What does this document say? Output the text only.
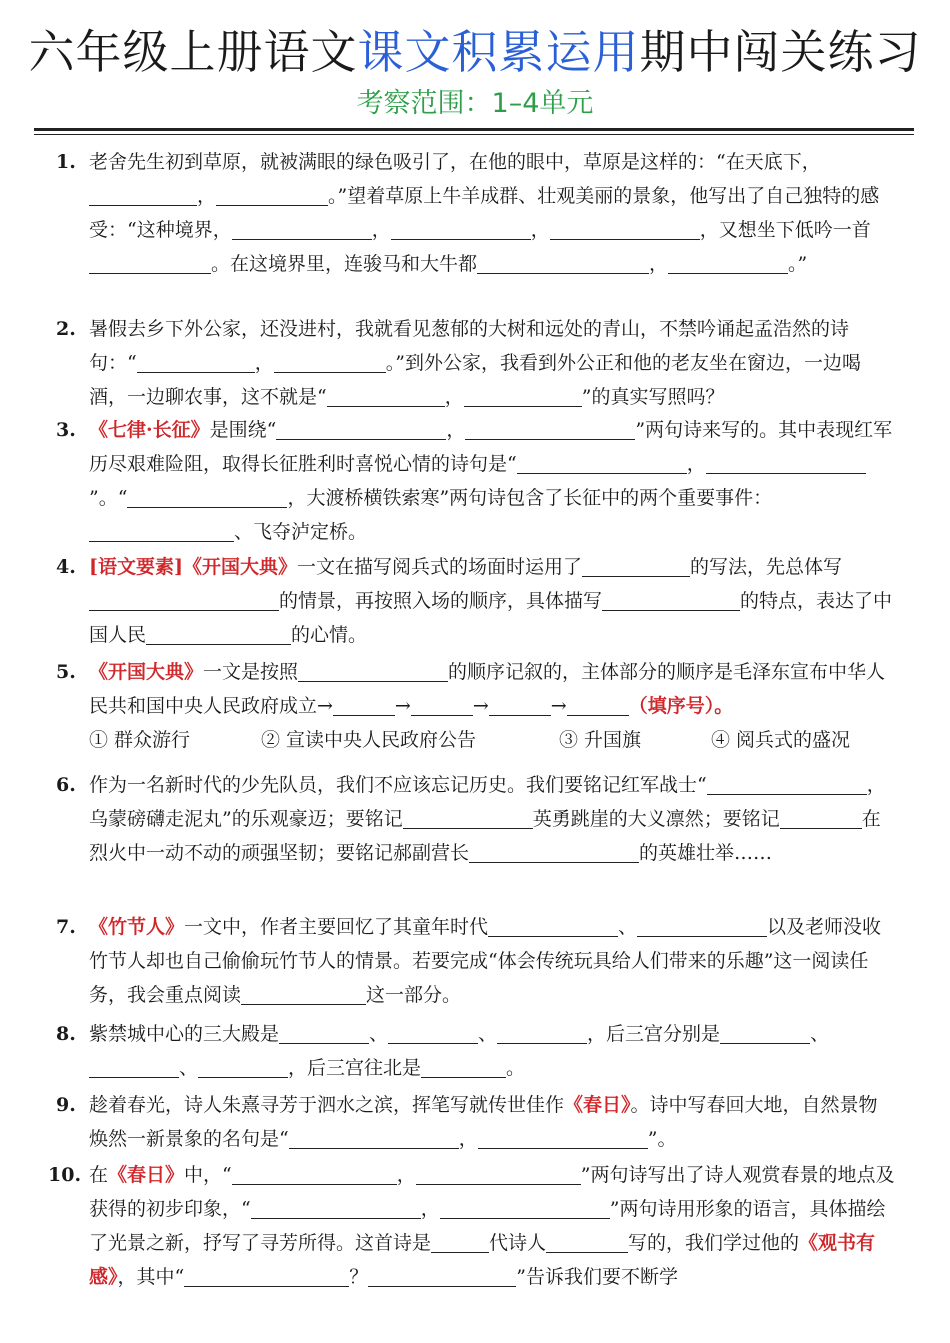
六年级上册语文课文积累运用期中闯关练习
考察范围：1–4单元
1. 老舍先生初到草原，就被满眼的绿色吸引了，在他的眼中，草原是这样的：“在天底下，，	。”望着草原上牛羊成群、壮观美丽的景象，他写出了自己独特的感受：“这种境界，	，	，	，又想坐下低吟一首。在这境界里，连骏马和大牛都	，	。”
2. 暑假去乡下外公家，还没进村，我就看见葱郁的大树和远处的青山，不禁吟诵起孟浩然的诗句：“	，	。”到外公家，我看到外公正和他的老友坐在窗边，一边喝酒，一边聊农事，这不就是“	，	”的真实写照吗？
3. 《七律·长征》是围绕“	，	”两句诗来写的。其中表现红军历尽艰难险阻，取得长征胜利时喜悦心情的诗句是“	，”。“	，大渡桥横铁索寒”两句诗包含了长征中的两个重要事件：、飞夺泸定桥。
4. [语文要素]《开国大典》一文在描写阅兵式的场面时运用了	的写法，先总体写的情景，再按照入场的顺序，具体描写	的特点，表达了中国人民	的心情。
5. 《开国大典》一文是按照	的顺序记叙的，主体部分的顺序是毛泽东宣布中华人民共和国中央人民政府成立→	→	→	→	（填序号）。
① 群众游行	② 宣读中央人民政府公告	③ 升国旗	④ 阅兵式的盛况
6. 作为一名新时代的少先队员，我们不应该忘记历史。我们要铭记红军战士“	，乌蒙磅礴走泥丸”的乐观豪迈；要铭记	英勇跳崖的大义凛然；要铭记	在烈火中一动不动的顽强坚韧；要铭记郝副营长	的英雄壮举……
7. 《竹节人》一文中，作者主要回忆了其童年时代	、	以及老师没收竹节人却也自己偷偷玩竹节人的情景。若要完成“体会传统玩具给人们带来的乐趣”这一阅读任务，我会重点阅读	这一部分。
8. 紫禁城中心的三大殿是	、	、	，后三宫分别是	、、	，后三宫往北是	。
9. 趁着春光，诗人朱熹寻芳于泗水之滨，挥笔写就传世佳作《春日》。诗中写春回大地，自然景物焕然一新景象的名句是“	，	”。
10. 在《春日》中，“	，	”两句诗写出了诗人观赏春景的地点及获得的初步印象，“	，	”两句诗用形象的语言，具体描绘了光景之新，抒写了寻芳所得。这首诗是	代诗人	写的，我们学过他的《观书有感》，其中“	？	”告诉我们要不断学
